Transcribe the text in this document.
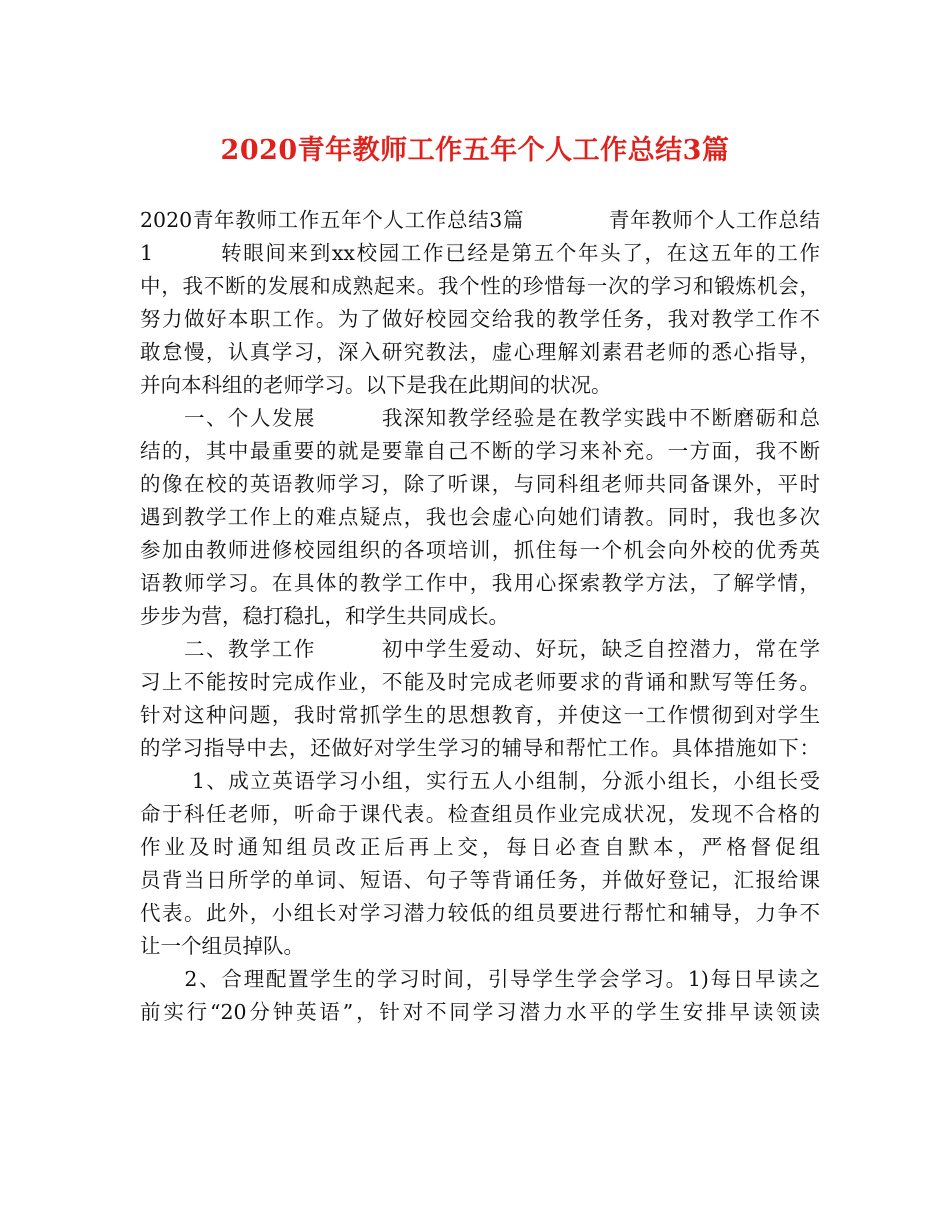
2020青年教师工作五年个人工作总结3篇
2020青年教师工作五年个人工作总结3篇　　　　青年教师个人工作总结
1　　　转眼间来到xx校园工作已经是第五个年头了，在这五年的工作
中，我不断的发展和成熟起来。我个性的珍惜每一次的学习和锻炼机会，
努力做好本职工作。为了做好校园交给我的教学任务，我对教学工作不
敢怠慢，认真学习，深入研究教法，虚心理解刘素君老师的悉心指导，
并向本科组的老师学习。以下是我在此期间的状况。
　　一、个人发展　　　我深知教学经验是在教学实践中不断磨砺和总
结的，其中最重要的就是要靠自己不断的学习来补充。一方面，我不断
的像在校的英语教师学习，除了听课，与同科组老师共同备课外，平时
遇到教学工作上的难点疑点，我也会虚心向她们请教。同时，我也多次
参加由教师进修校园组织的各项培训，抓住每一个机会向外校的优秀英
语教师学习。在具体的教学工作中，我用心探索教学方法，了解学情，
步步为营，稳打稳扎，和学生共同成长。
　　二、教学工作　　　初中学生爱动、好玩，缺乏自控潜力，常在学
习上不能按时完成作业，不能及时完成老师要求的背诵和默写等任务。
针对这种问题，我时常抓学生的思想教育，并使这一工作惯彻到对学生
的学习指导中去，还做好对学生学习的辅导和帮忙工作。具体措施如下：
　　 1、成立英语学习小组，实行五人小组制，分派小组长，小组长受
命于科任老师，听命于课代表。检查组员作业完成状况，发现不合格的
作业及时通知组员改正后再上交，每日必查自默本，严格督促组
员背当日所学的单词、短语、句子等背诵任务，并做好登记，汇报给课
代表。此外，小组长对学习潜力较低的组员要进行帮忙和辅导，力争不
让一个组员掉队。
　　2、合理配置学生的学习时间，引导学生学会学习。1)每日早读之
前实行“20分钟英语”，针对不同学习潜力水平的学生安排早读领读
